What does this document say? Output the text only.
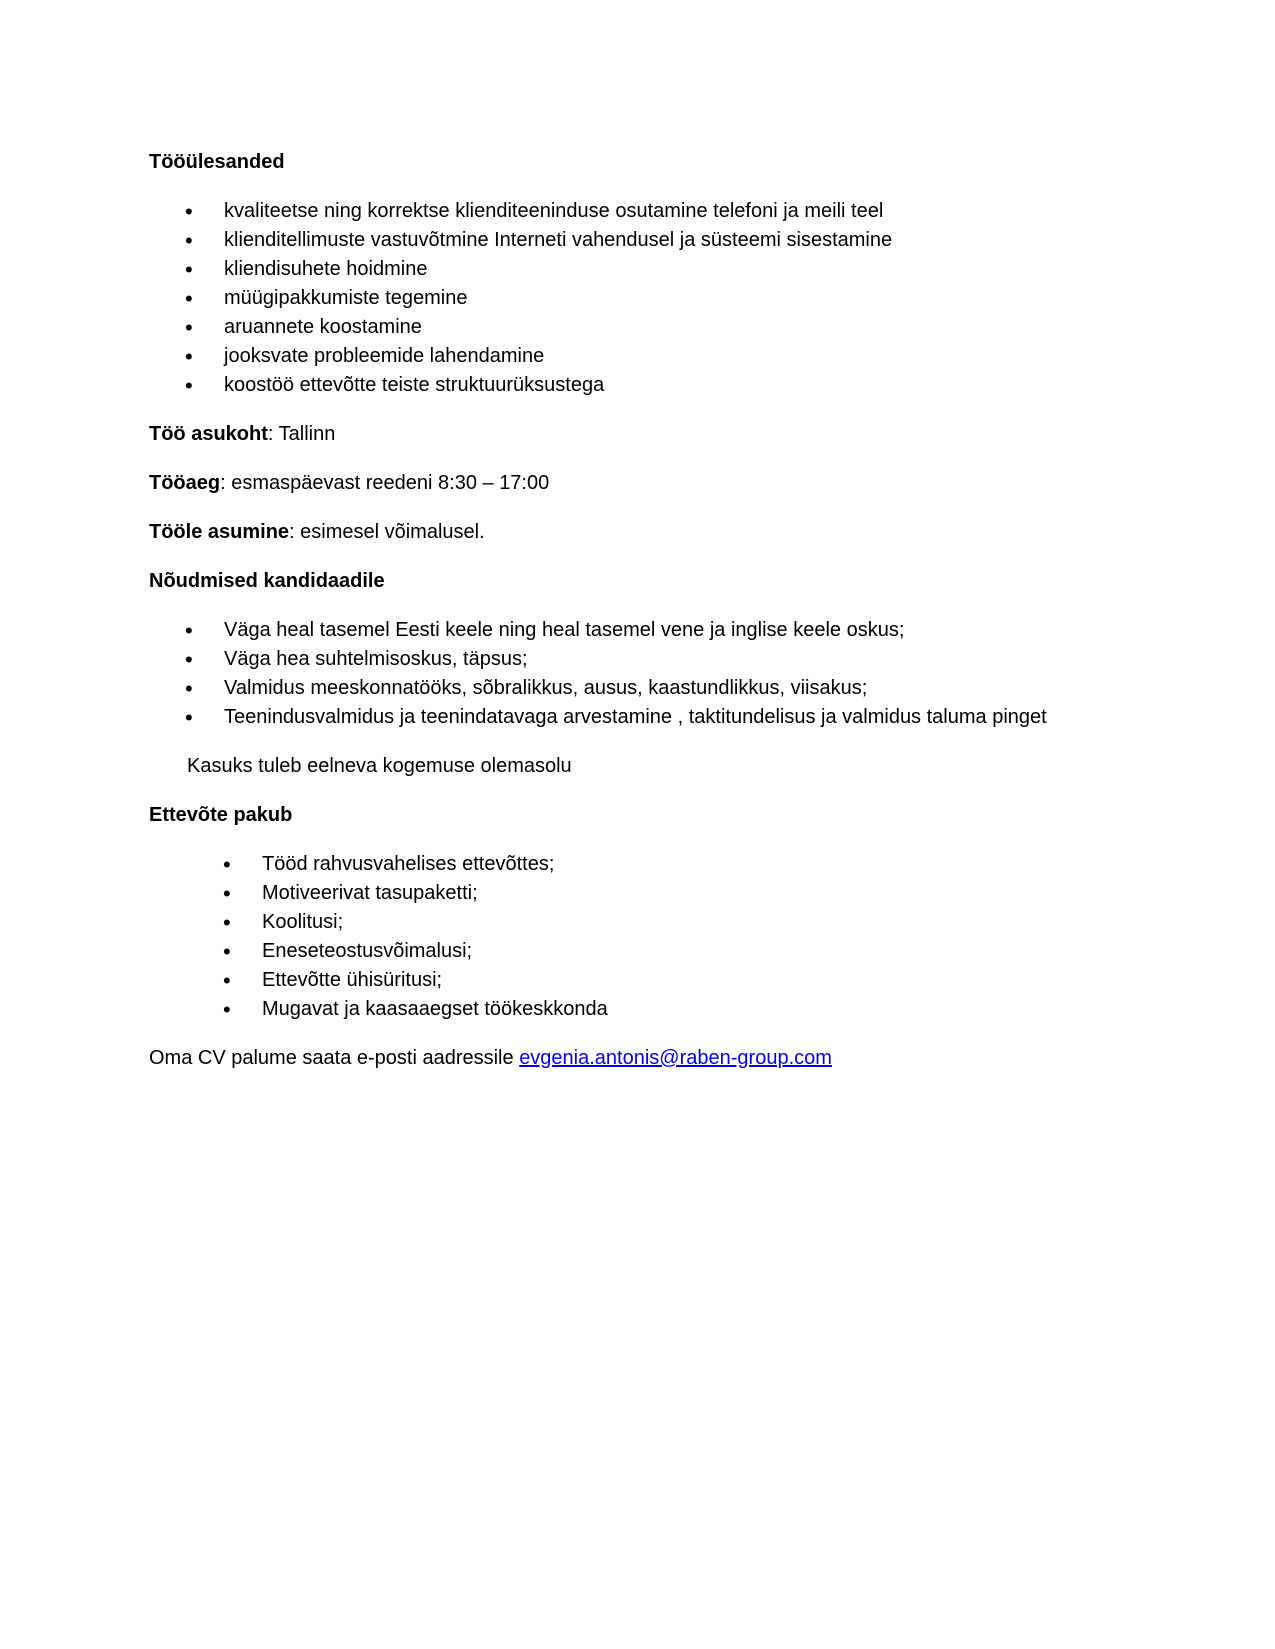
Tööülesanded
• kvaliteetse ning korrektse klienditeeninduse osutamine telefoni ja meili teel
• klienditellimuste vastuvõtmine Interneti vahendusel ja süsteemi sisestamine
• kliendisuhete hoidmine
• müügipakkumiste tegemine
• aruannete koostamine
• jooksvate probleemide lahendamine
• koostöö ettevõtte teiste struktuurüksustega
Töö asukoht: Tallinn
Tööaeg: esmaspäevast reedeni 8:30 – 17:00
Tööle asumine: esimesel võimalusel.
Nõudmised kandidaadile
• Väga heal tasemel Eesti keele ning heal tasemel vene ja inglise keele oskus;
• Väga hea suhtelmisoskus, täpsus;
• Valmidus meeskonnatööks, sõbralikkus, ausus, kaastundlikkus, viisakus;
• Teenindusvalmidus ja teenindatavaga arvestamine , taktitundelisus ja valmidus taluma pinget
Kasuks tuleb eelneva kogemuse olemasolu
Ettevõte pakub
• Tööd rahvusvahelises ettevõttes;
• Motiveerivat tasupaketti;
• Koolitusi;
• Eneseteostusvõimalusi;
• Ettevõtte ühisüritusi;
• Mugavat ja kaasaaegset töökeskkonda
Oma CV palume saata e-posti aadressile evgenia.antonis@raben-group.com
